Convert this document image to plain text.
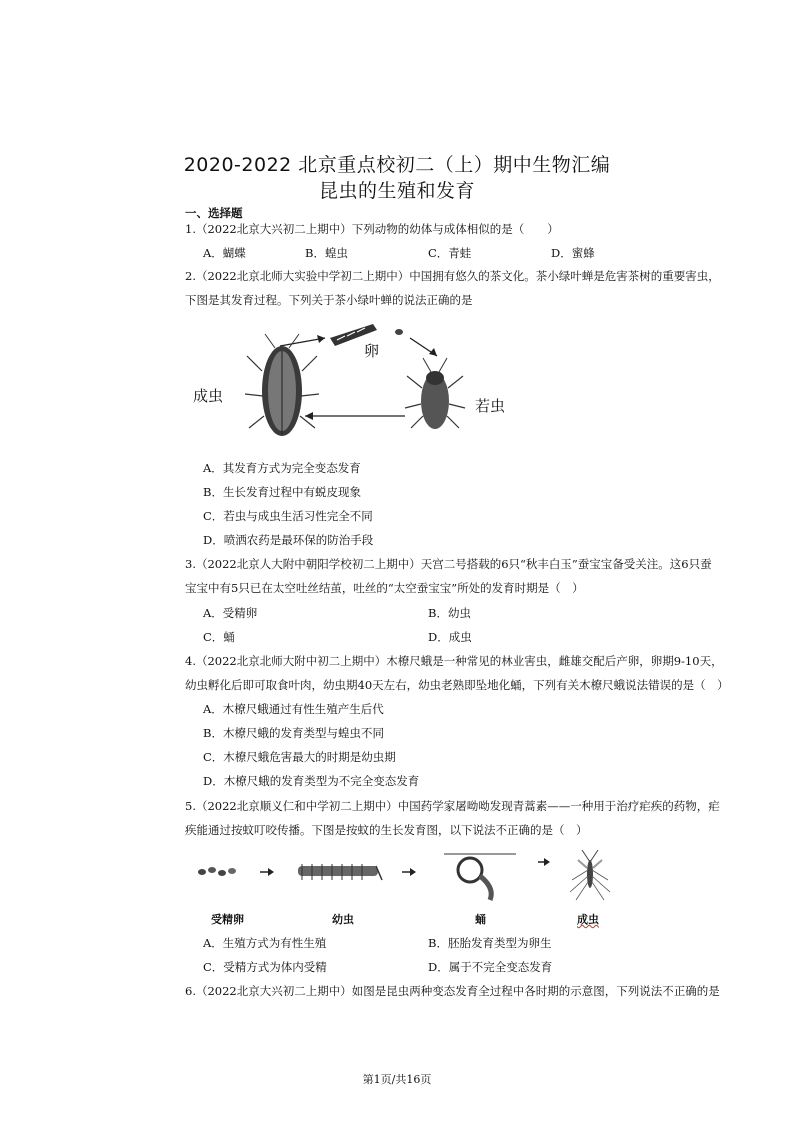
2020-2022 北京重点校初二（上）期中生物汇编
昆虫的生殖和发育
一、选择题
1.（2022北京大兴初二上期中）下列动物的幼体与成体相似的是（　　）
A．蝴蝶	B．蝗虫	C．青蛙	D．蜜蜂
2.（2022北京北师大实验中学初二上期中）中国拥有悠久的茶文化。茶小绿叶蝉是危害茶树的重要害虫，
下图是其发育过程。下列关于茶小绿叶蝉的说法正确的是
卵
成虫
若虫
A．其发育方式为完全变态发育
B．生长发育过程中有蜕皮现象
C．若虫与成虫生活习性完全不同
D．喷洒农药是最环保的防治手段
3.（2022北京人大附中朝阳学校初二上期中）天宫二号搭载的6只“秋丰白玉”蚕宝宝备受关注。这6只蚕
宝宝中有5只已在太空吐丝结茧，吐丝的“太空蚕宝宝”所处的发育时期是（　）
A．受精卵	B．幼虫
C．蛹	D．成虫
4.（2022北京北师大附中初二上期中）木橑尺蛾是一种常见的林业害虫，雌雄交配后产卵，卵期9-10天，
幼虫孵化后即可取食叶肉，幼虫期40天左右，幼虫老熟即坠地化蛹，下列有关木橑尺蛾说法错误的是（　）
A．木橑尺蛾通过有性生殖产生后代
B．木橑尺蛾的发育类型与蝗虫不同
C．木橑尺蛾危害最大的时期是幼虫期
D．木橑尺蛾的发育类型为不完全变态发育
5.（2022北京顺义仁和中学初二上期中）中国药学家屠呦呦发现青蒿素——一种用于治疗疟疾的药物，疟
疾能通过按蚊叮咬传播。下图是按蚊的生长发育图，以下说法不正确的是（　）
受精卵	幼虫	蛹	成虫
A．生殖方式为有性生殖	B．胚胎发育类型为卵生
C．受精方式为体内受精	D．属于不完全变态发育
6.（2022北京大兴初二上期中）如图是昆虫两种变态发育全过程中各时期的示意图，下列说法不正确的是
第1页/共16页
